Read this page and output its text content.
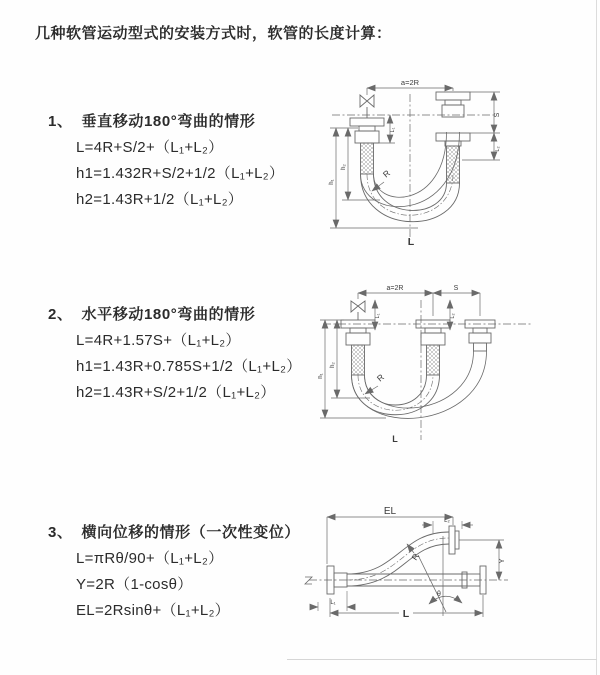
几种软管运动型式的安装方式时，软管的长度计算：
1、 垂直移动180°弯曲的情形
L=4R+S/2+（L₁+L₂）
h1=1.432R+S/2+1/2（L₁+L₂）
h2=1.43R+1/2（L₁+L₂）
2、 水平移动180°弯曲的情形
L=4R+1.57S+（L₁+L₂）
h1=1.43R+0.785S+1/2（L₁+L₂）
h2=1.43R+S/2+1/2（L₁+L₂）
3、 横向位移的情形（一次性变位）
L=πRθ/90+（L₁+L₂）
Y=2R（1-cosθ）
EL=2Rsinθ+（L₁+L₂）
a=2R
S
L₂
L₁
h₁
h₂
R
L
a=2R	S
L₁	L₂
h₁
h₂
R
L
EL
L₂
Y
R
θ
L₁
L
